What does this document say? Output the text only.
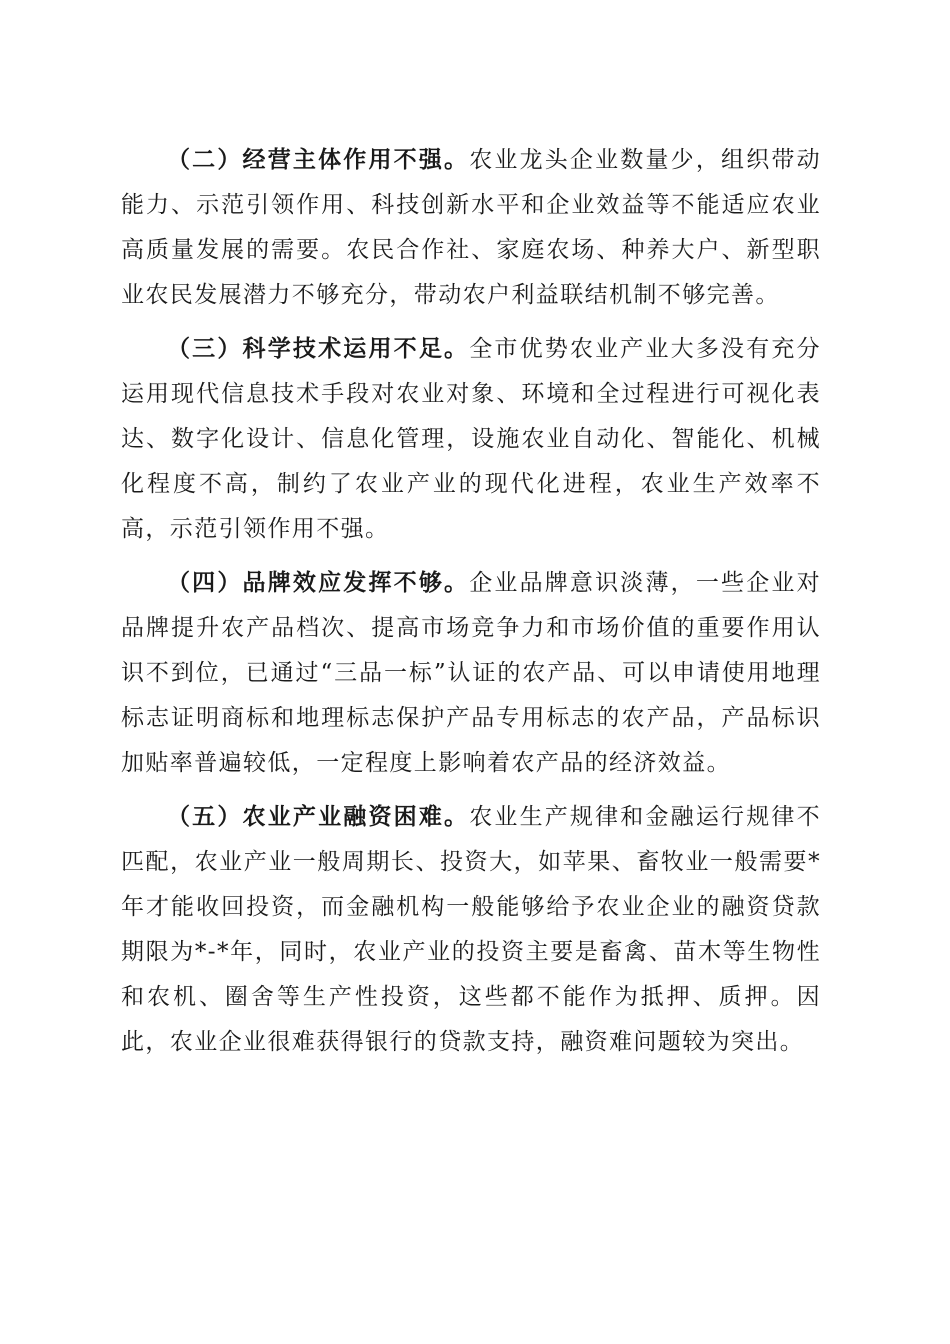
（二）经营主体作用不强。农业龙头企业数量少，组织带动能力、示范引领作用、科技创新水平和企业效益等不能适应农业高质量发展的需要。农民合作社、家庭农场、种养大户、新型职业农民发展潜力不够充分，带动农户利益联结机制不够完善。

（三）科学技术运用不足。全市优势农业产业大多没有充分运用现代信息技术手段对农业对象、环境和全过程进行可视化表达、数字化设计、信息化管理，设施农业自动化、智能化、机械化程度不高，制约了农业产业的现代化进程，农业生产效率不高，示范引领作用不强。

（四）品牌效应发挥不够。企业品牌意识淡薄，一些企业对品牌提升农产品档次、提高市场竞争力和市场价值的重要作用认识不到位，已通过“三品一标”认证的农产品、可以申请使用地理标志证明商标和地理标志保护产品专用标志的农产品，产品标识加贴率普遍较低，一定程度上影响着农产品的经济效益。

（五）农业产业融资困难。农业生产规律和金融运行规律不匹配，农业产业一般周期长、投资大，如苹果、畜牧业一般需要*年才能收回投资，而金融机构一般能够给予农业企业的融资贷款期限为*-*年，同时，农业产业的投资主要是畜禽、苗木等生物性和农机、圈舍等生产性投资，这些都不能作为抵押、质押。因此，农业企业很难获得银行的贷款支持，融资难问题较为突出。
